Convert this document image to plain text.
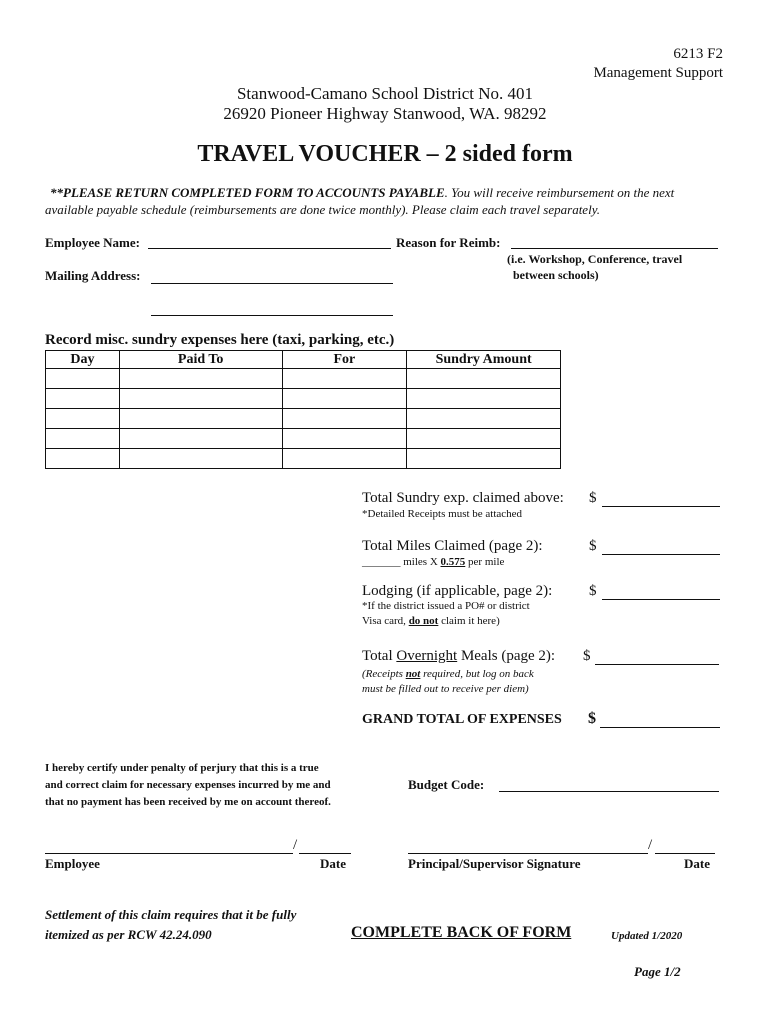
6213 F2
Management Support
Stanwood-Camano School District No. 401
26920 Pioneer Highway Stanwood, WA. 98292
TRAVEL VOUCHER – 2 sided form
**PLEASE RETURN COMPLETED FORM TO ACCOUNTS PAYABLE. You will receive reimbursement on the next
available payable schedule (reimbursements are done twice monthly). Please claim each travel separately.
Employee Name:	Reason for Reimb:
(i.e. Workshop, Conference, travel
between schools)
Mailing Address:
Record misc. sundry expenses here (taxi, parking, etc.)
Day	Paid To	For	Sundry Amount

Total Sundry exp. claimed above: $
*Detailed Receipts must be attached
Total Miles Claimed (page 2):	$
_______ miles X 0.575 per mile
Lodging (if applicable, page 2): $
*If the district issued a PO# or district
Visa card, do not claim it here)
Total Overnight Meals (page 2): $
(Receipts not required, but log on back
must be filled out to receive per diem)
GRAND TOTAL OF EXPENSES $
I hereby certify under penalty of perjury that this is a true
and correct claim for necessary expenses incurred by me and
that no payment has been received by me on account thereof.
Budget Code:
/
Employee	Date
/
Principal/Supervisor Signature	Date
Settlement of this claim requires that it be fully
itemized as per RCW 42.24.090	COMPLETE BACK OF FORM	Updated 1/2020
Page 1/2
